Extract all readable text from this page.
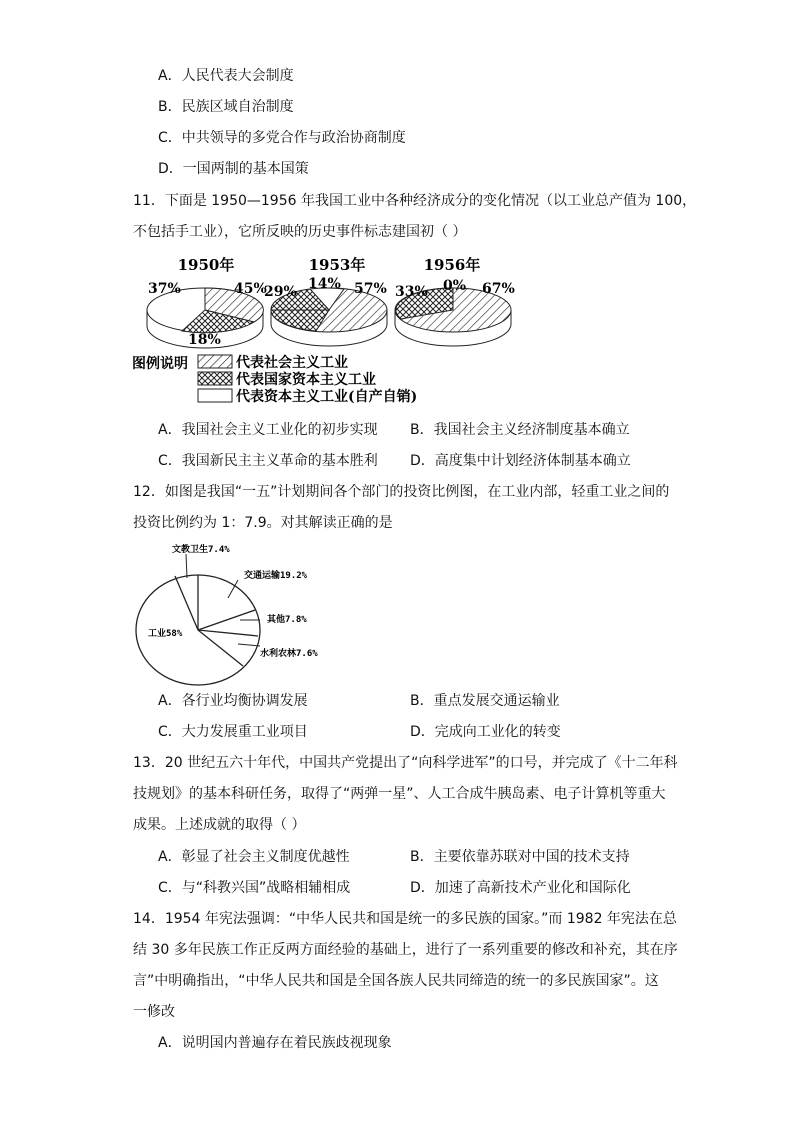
A．人民代表大会制度
B．民族区域自治制度
C．中共领导的多党合作与政治协商制度
D．一国两制的基本国策
11．下面是 1950—1956 年我国工业中各种经济成分的变化情况（以工业总产值为 100，
不包括手工业），它所反映的历史事件标志建国初（ ）
1950年
37%	45%
18%
1953年
29% 14% 57%
1956年
33% 0% 67%
图例说明	代表社会主义工业
代表国家资本主义工业
代表资本主义工业(自产自销)
A．我国社会主义工业化的初步实现 B．我国社会主义经济制度基本确立
C．我国新民主主义革命的基本胜利 D．高度集中计划经济体制基本确立
12．如图是我国“一五”计划期间各个部门的投资比例图，在工业内部，轻重工业之间的
投资比例约为 1：7.9。对其解读正确的是
文教卫生7.4%
交通运输19.2%
其他7.8%
工业58%
水利农林7.6%
A．各行业均衡协调发展	B．重点发展交通运输业
C．大力发展重工业项目	D．完成向工业化的转变
13．20 世纪五六十年代，中国共产党提出了“向科学进军”的口号，并完成了《十二年科
技规划》的基本科研任务，取得了“两弹一星”、人工合成牛胰岛素、电子计算机等重大
成果。上述成就的取得（ ）
A．彰显了社会主义制度优越性	B．主要依靠苏联对中国的技术支持
C．与“科教兴国”战略相辅相成	D．加速了高新技术产业化和国际化
14．1954 年宪法强调：“中华人民共和国是统一的多民族的国家。”而 1982 年宪法在总
结 30 多年民族工作正反两方面经验的基础上，进行了一系列重要的修改和补充，其在序
言”中明确指出，“中华人民共和国是全国各族人民共同缔造的统一的多民族国家”。这
一修改
A．说明国内普遍存在着民族歧视现象
